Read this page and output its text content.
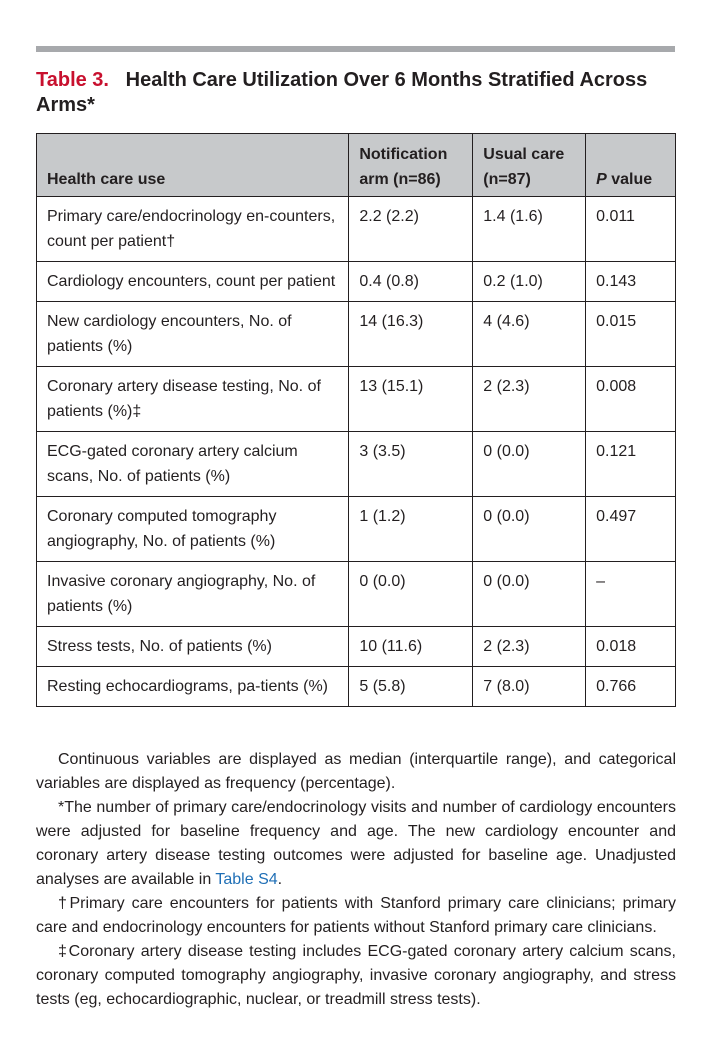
Table 3. Health Care Utilization Over 6 Months Stratified Across Arms*
Health care use	Notification arm (n=86)	Usual care (n=87)	P value
Primary care/endocrinology en-counters, count per patient†	2.2 (2.2)	1.4 (1.6)	0.011
Cardiology encounters, count per patient	0.4 (0.8)	0.2 (1.0)	0.143
New cardiology encounters, No. of patients (%)	14 (16.3)	4 (4.6)	0.015
Coronary artery disease testing, No. of patients (%)‡	13 (15.1)	2 (2.3)	0.008
ECG-gated coronary artery calcium scans, No. of patients (%)	3 (3.5)	0 (0.0)	0.121
Coronary computed tomography angiography, No. of patients (%)	1 (1.2)	0 (0.0)	0.497
Invasive coronary angiography, No. of patients (%)	0 (0.0)	0 (0.0)	–
Stress tests, No. of patients (%)	10 (11.6)	2 (2.3)	0.018
Resting echocardiograms, pa-tients (%)	5 (5.8)	7 (8.0)	0.766

Continuous variables are displayed as median (interquartile range), and categorical variables are displayed as frequency (percentage).

*The number of primary care/endocrinology visits and number of cardiology encounters were adjusted for baseline frequency and age. The new cardiology encounter and coronary artery disease testing outcomes were adjusted for baseline age. Unadjusted analyses are available in Table S4.

†Primary care encounters for patients with Stanford primary care clinicians; primary care and endocrinology encounters for patients without Stanford primary care clinicians.

‡Coronary artery disease testing includes ECG-gated coronary artery calcium scans, coronary computed tomography angiography, invasive coronary angiography, and stress tests (eg, echocardiographic, nuclear, or treadmill stress tests).
